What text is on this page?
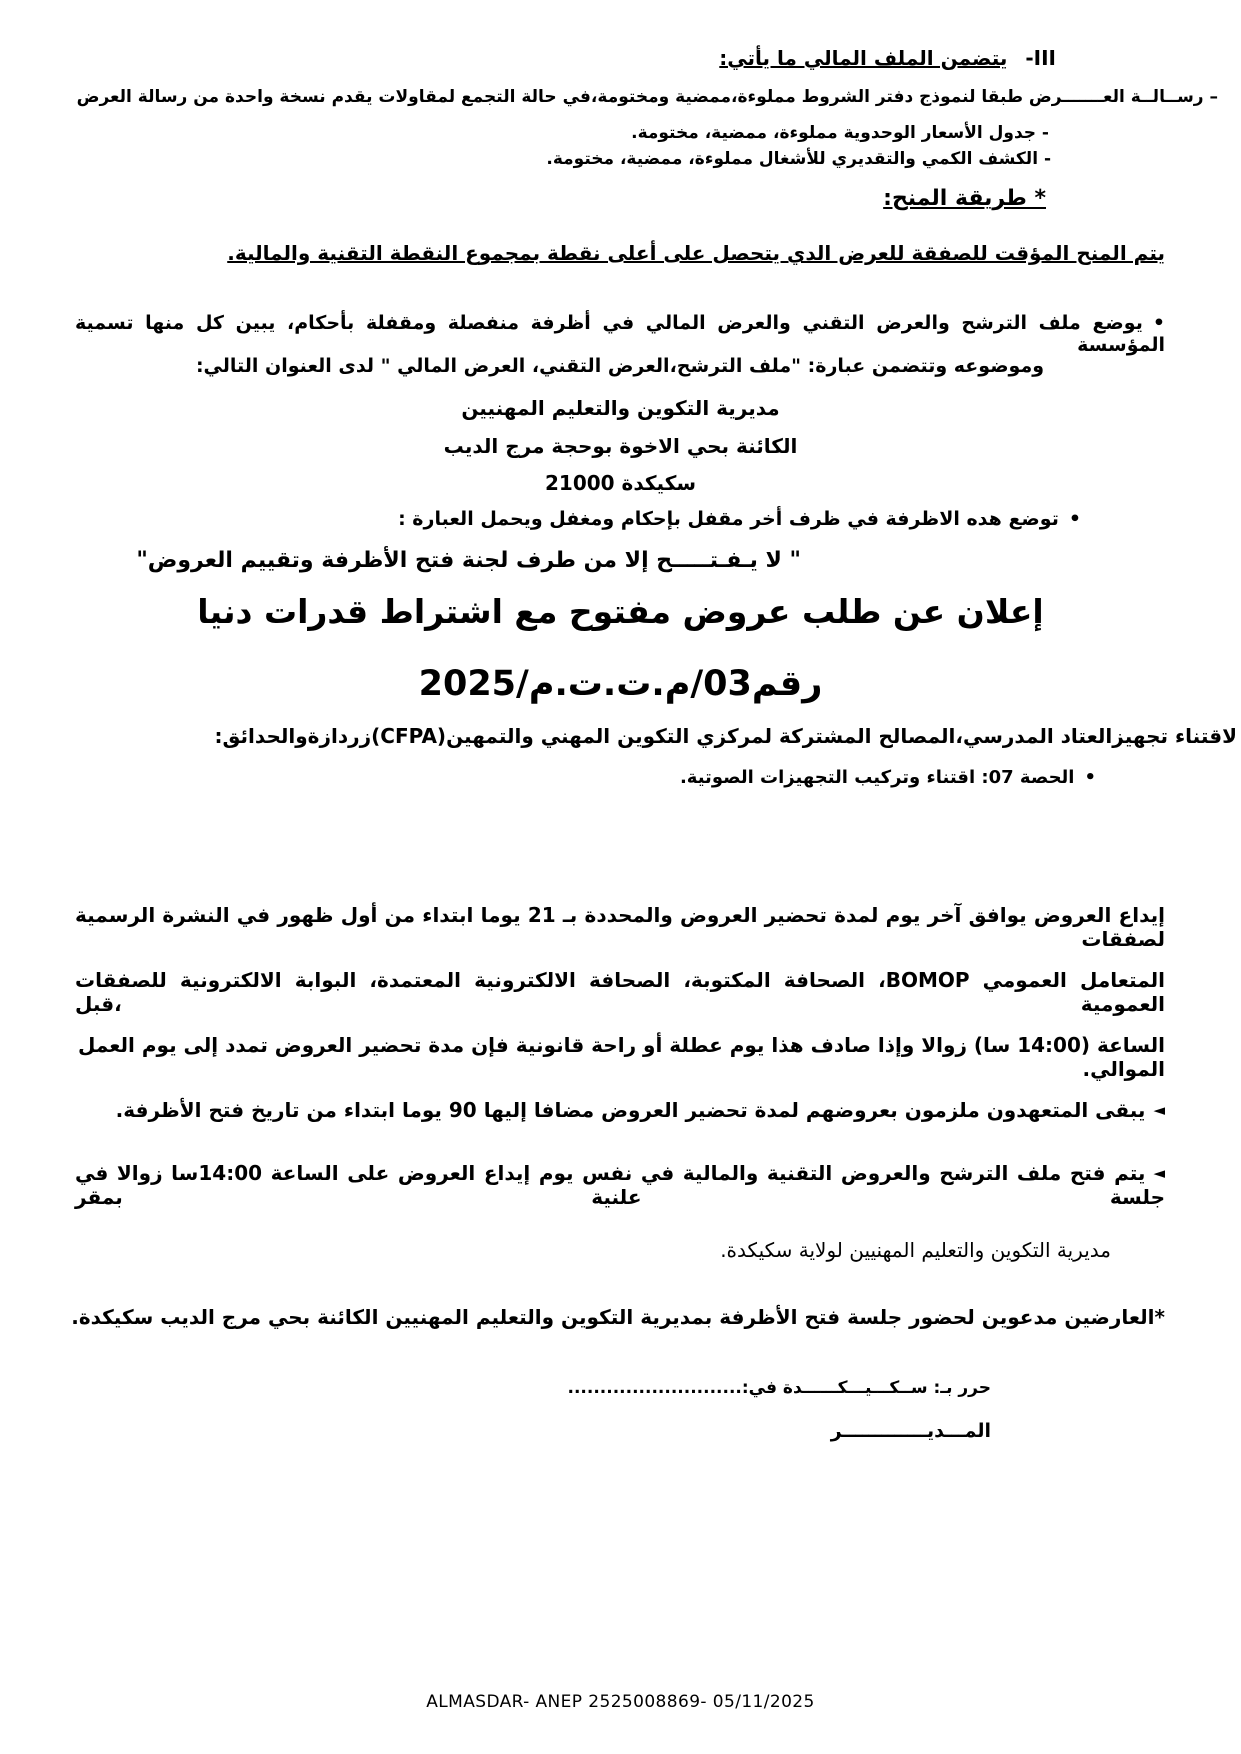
-IIIيتضمن الملف المالي ما يأتي:
– رســالــة العـــــــرض طبقا لنموذج دفتر الشروط مملوءة،ممضية ومختومة،في حالة التجمع لمقاولات يقدم نسخة واحدة من رسالة العرض
- جدول الأسعار الوحدوية مملوءة، ممضية، مختومة.
- الكشف الكمي والتقديري للأشغال مملوءة، ممضية، مختومة.
* طريقة المنح:
يتم المنح المؤقت للصفقة للعرض الدي يتحصل على أعلى نقطة بمجموع النقطة التقنية والمالية.
•يوضع ملف الترشح والعرض التقني والعرض المالي في أظرفة منفصلة ومقفلة بأحكام، يبين كل منها تسمية المؤسسة
وموضوعه وتتضمن عبارة: "ملف الترشح،العرض التقني، العرض المالي " لدى العنوان التالي:
مديرية التكوين والتعليم المهنيين
الكائنة بحي الاخوة بوحجة مرج الديب
سكيكدة 21000
•توضع هده الاظرفة في ظرف أخر مقفل بإحكام ومغفل ويحمل العبارة :
" لا يـفـتـــــح إلا من طرف لجنة فتح الأظرفة وتقييم العروض"
إعلان عن طلب عروض مفتوح مع اشتراط قدرات دنيا
رقم03/م.ت.ت.م/2025
لاقتناء تجهيزالعتاد المدرسي،المصالح المشتركة لمركزي التكوين المهني والتمهين(CFPA)زردازةوالحدائق:
•الحصة 07: اقتناء وتركيب التجهيزات الصوتية.
إيداع العروض يوافق آخر يوم لمدة تحضير العروض والمحددة بـ 21 يوما ابتداء من أول ظهور في النشرة الرسمية لصفقات
المتعامل العمومي BOMOP، الصحافة المكتوبة، الصحافة الالكترونية المعتمدة، البوابة الالكترونية للصفقات العمومية ،قبل
الساعة (14:00 سا) زوالا وإذا صادف هذا يوم عطلة أو راحة قانونية فإن مدة تحضير العروض تمدد إلى يوم العمل الموالي.
◄يبقى المتعهدون ملزمون بعروضهم لمدة تحضير العروض مضافا إليها 90 يوما ابتداء من تاريخ فتح الأظرفة.
◄يتم فتح ملف الترشح والعروض التقنية والمالية في نفس يوم إيداع العروض على الساعة 14:00سا زوالا في جلسة علنية بمقر
مديرية التكوين والتعليم المهنيين لولاية سكيكدة.
*العارضين مدعوين لحضور جلسة فتح الأظرفة بمديرية التكوين والتعليم المهنيين الكائنة بحي مرج الديب سكيكدة.
حرر بـ: ســكـــيـــكــــــدة في:...........................
المـــديـــــــــــــر
ALMASDAR- ANEP 2525008869- 05/11/2025
